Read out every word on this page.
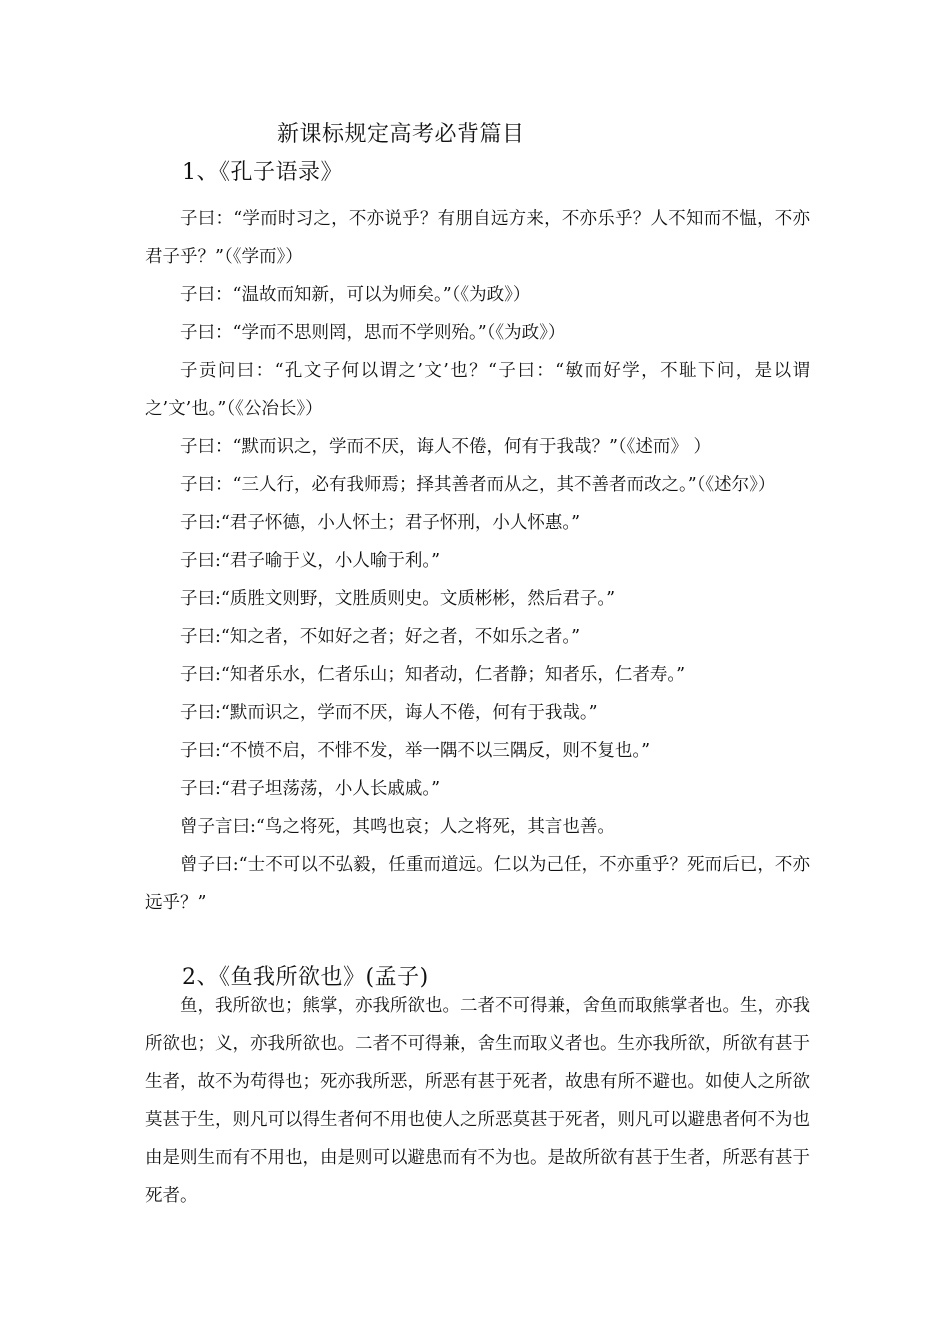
新课标规定高考必背篇目
1、《孔子语录》

子曰：“学而时习之，不亦说乎？有朋自远方来，不亦乐乎？人不知而不愠，不亦君子乎？”（《学而》）

子曰：“温故而知新，可以为师矣。”（《为政》）

子曰：“学而不思则罔，思而不学则殆。”（《为政》）

子贡问曰：“孔文子何以谓之’文’也？“子曰：“敏而好学，不耻下问，是以谓之’文’也。”（《公冶长》）

子曰：“默而识之，学而不厌，诲人不倦，何有于我哉？”（《述而》 ）

子曰：“三人行，必有我师焉；择其善者而从之，其不善者而改之。”（《述尔》）

子曰:“君子怀德，小人怀土；君子怀刑，小人怀惠。”

子曰:“君子喻于义，小人喻于利。”

子曰:“质胜文则野，文胜质则史。文质彬彬，然后君子。”

子曰:“知之者，不如好之者；好之者，不如乐之者。”

子曰:“知者乐水，仁者乐山；知者动，仁者静；知者乐，仁者寿。”

子曰:“默而识之，学而不厌，诲人不倦，何有于我哉。”

子曰:“不愤不启，不悱不发，举一隅不以三隅反，则不复也。”

子曰:“君子坦荡荡，小人长戚戚。”

曾子言曰:“鸟之将死，其鸣也哀；人之将死，其言也善。

曾子曰:“士不可以不弘毅，任重而道远。仁以为己任，不亦重乎？死而后已，不亦远乎？”

2、《鱼我所欲也》(孟子)

鱼，我所欲也；熊掌，亦我所欲也。二者不可得兼，舍鱼而取熊掌者也。生，亦我所欲也；义，亦我所欲也。二者不可得兼，舍生而取义者也。生亦我所欲，所欲有甚于生者，故不为苟得也；死亦我所恶，所恶有甚于死者，故患有所不避也。如使人之所欲莫甚于生，则凡可以得生者何不用也使人之所恶莫甚于死者，则凡可以避患者何不为也由是则生而有不用也，由是则可以避患而有不为也。是故所欲有甚于生者，所恶有甚于死者。
